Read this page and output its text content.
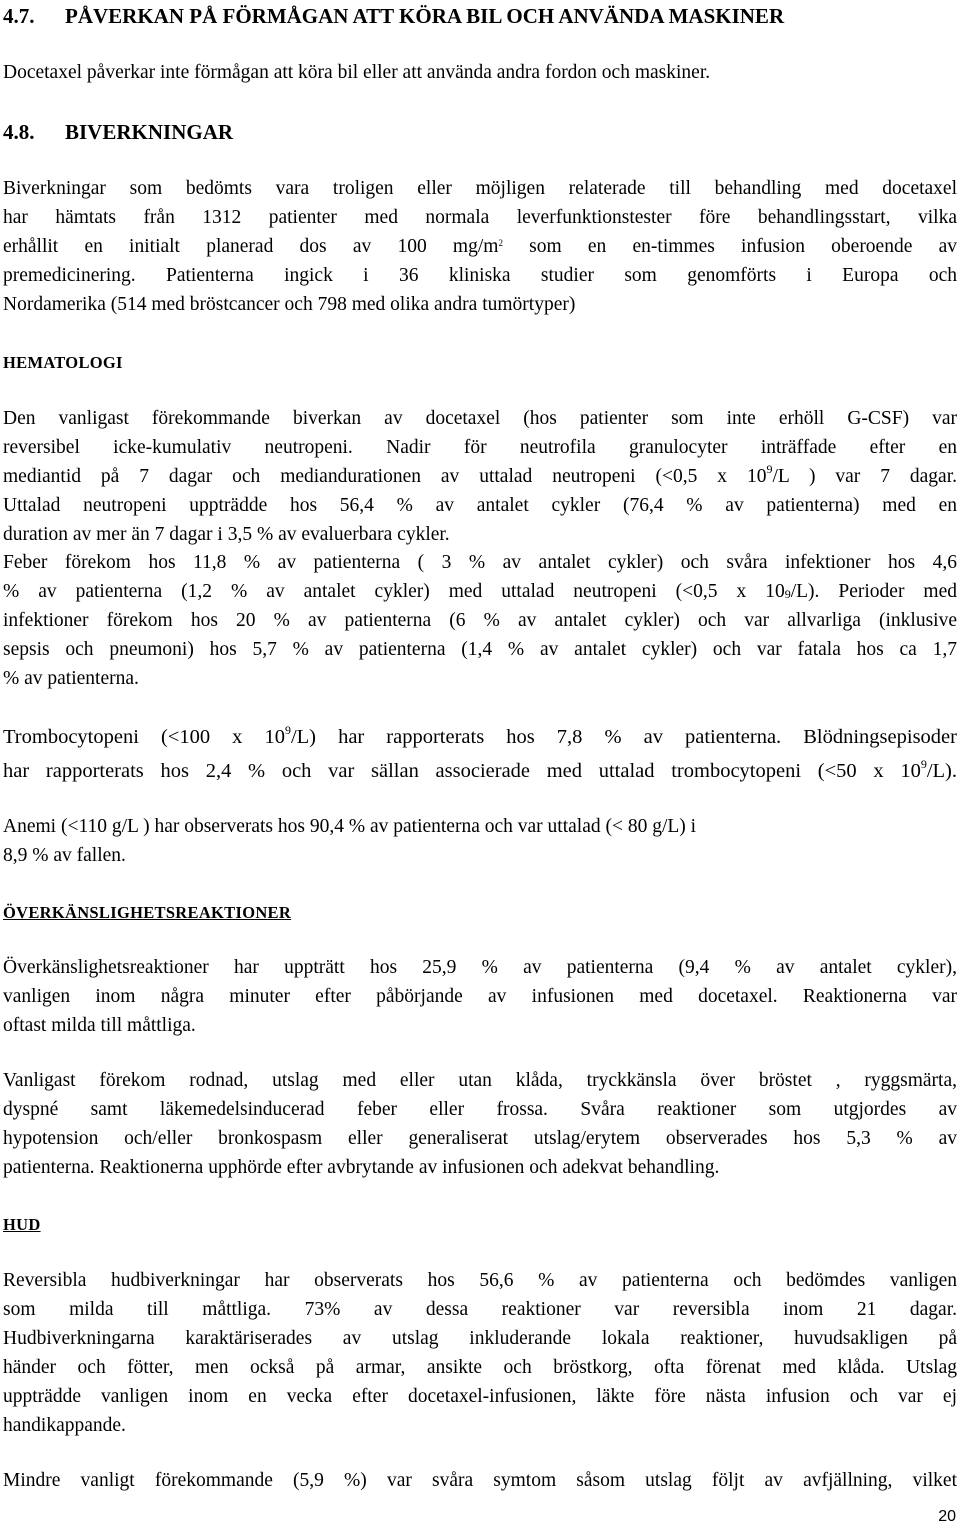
4.7. PÅVERKAN PÅ FÖRMÅGAN ATT KÖRA BIL OCH ANVÄNDA MASKINER
Docetaxel påverkar inte förmågan att köra bil eller att använda andra fordon och maskiner.
4.8. BIVERKNINGAR
Biverkningar som bedömts vara troligen eller möjligen relaterade till behandling med docetaxel
har hämtats från 1312 patienter med normala leverfunktionstester före behandlingsstart, vilka
erhållit en initialt planerad dos av 100 $mg/m^2$ som en en-timmes infusion oberoende av
premedicinering. Patienterna ingick i 36 kliniska studier som genomförts i Europa och
Nordamerika (514 med bröstcancer och 798 med olika andra tumörtyper)
HEMATOLOGI
Den vanligast förekommande biverkan av docetaxel (hos patienter som inte erhöll G-CSF) var
reversibel icke-kumulativ neutropeni. Nadir för neutrofila granulocyter inträffade efter en
mediantid på 7 dagar och mediandurationen av uttalad neutropeni (<0,5 x $10^9/L$ ) var 7 dagar.
Uttalad neutropeni uppträdde hos 56,4 % av antalet cykler (76,4 % av patienterna) med en
duration av mer än 7 dagar i 3,5 % av evaluerbara cykler.
Feber förekom hos 11,8 % av patienterna ( 3 % av antalet cykler) och svåra infektioner hos 4,6
% av patienterna (1,2 % av antalet cykler) med uttalad neutropeni (<0,5 x 109/L). Perioder med
infektioner förekom hos 20 % av patienterna (6 % av antalet cykler) och var allvarliga (inklusive
sepsis och pneumoni) hos 5,7 % av patienterna (1,4 % av antalet cykler) och var fatala hos ca 1,7
% av patienterna.
Trombocytopeni (<100 x $10^9/L$) har rapporterats hos 7,8 % av patienterna. Blödningsepisoder
har rapporterats hos 2,4 % och var sällan associerade med uttalad trombocytopeni (<50 x $10^9/L$).
Anemi (<110 g/L ) har observerats hos 90,4 % av patienterna och var uttalad (< 80 g/L) i
8,9 % av fallen.
ÖVERKÄNSLIGHETSREAKTIONER
Överkänslighetsreaktioner har uppträtt hos 25,9 % av patienterna (9,4 % av antalet cykler),
vanligen inom några minuter efter påbörjande av infusionen med docetaxel. Reaktionerna var
oftast milda till måttliga.
Vanligast förekom rodnad, utslag med eller utan klåda, tryckkänsla över bröstet , ryggsmärta,
dyspné samt läkemedelsinducerad feber eller frossa. Svåra reaktioner som utgjordes av
hypotension och/eller bronkospasm eller generaliserat utslag/erytem observerades hos 5,3 % av
patienterna. Reaktionerna upphörde efter avbrytande av infusionen och adekvat behandling.
HUD
Reversibla hudbiverkningar har observerats hos 56,6 % av patienterna och bedömdes vanligen
som milda till måttliga. 73% av dessa reaktioner var reversibla inom 21 dagar.
Hudbiverkningarna karaktäriserades av utslag inkluderande lokala reaktioner, huvudsakligen på
händer och fötter, men också på armar, ansikte och bröstkorg, ofta förenat med klåda. Utslag
uppträdde vanligen inom en vecka efter docetaxel-infusionen, läkte före nästa infusion och var ej
handikappande.
Mindre vanligt förekommande (5,9 %) var svåra symtom såsom utslag följt av avfjällning, vilket
20
